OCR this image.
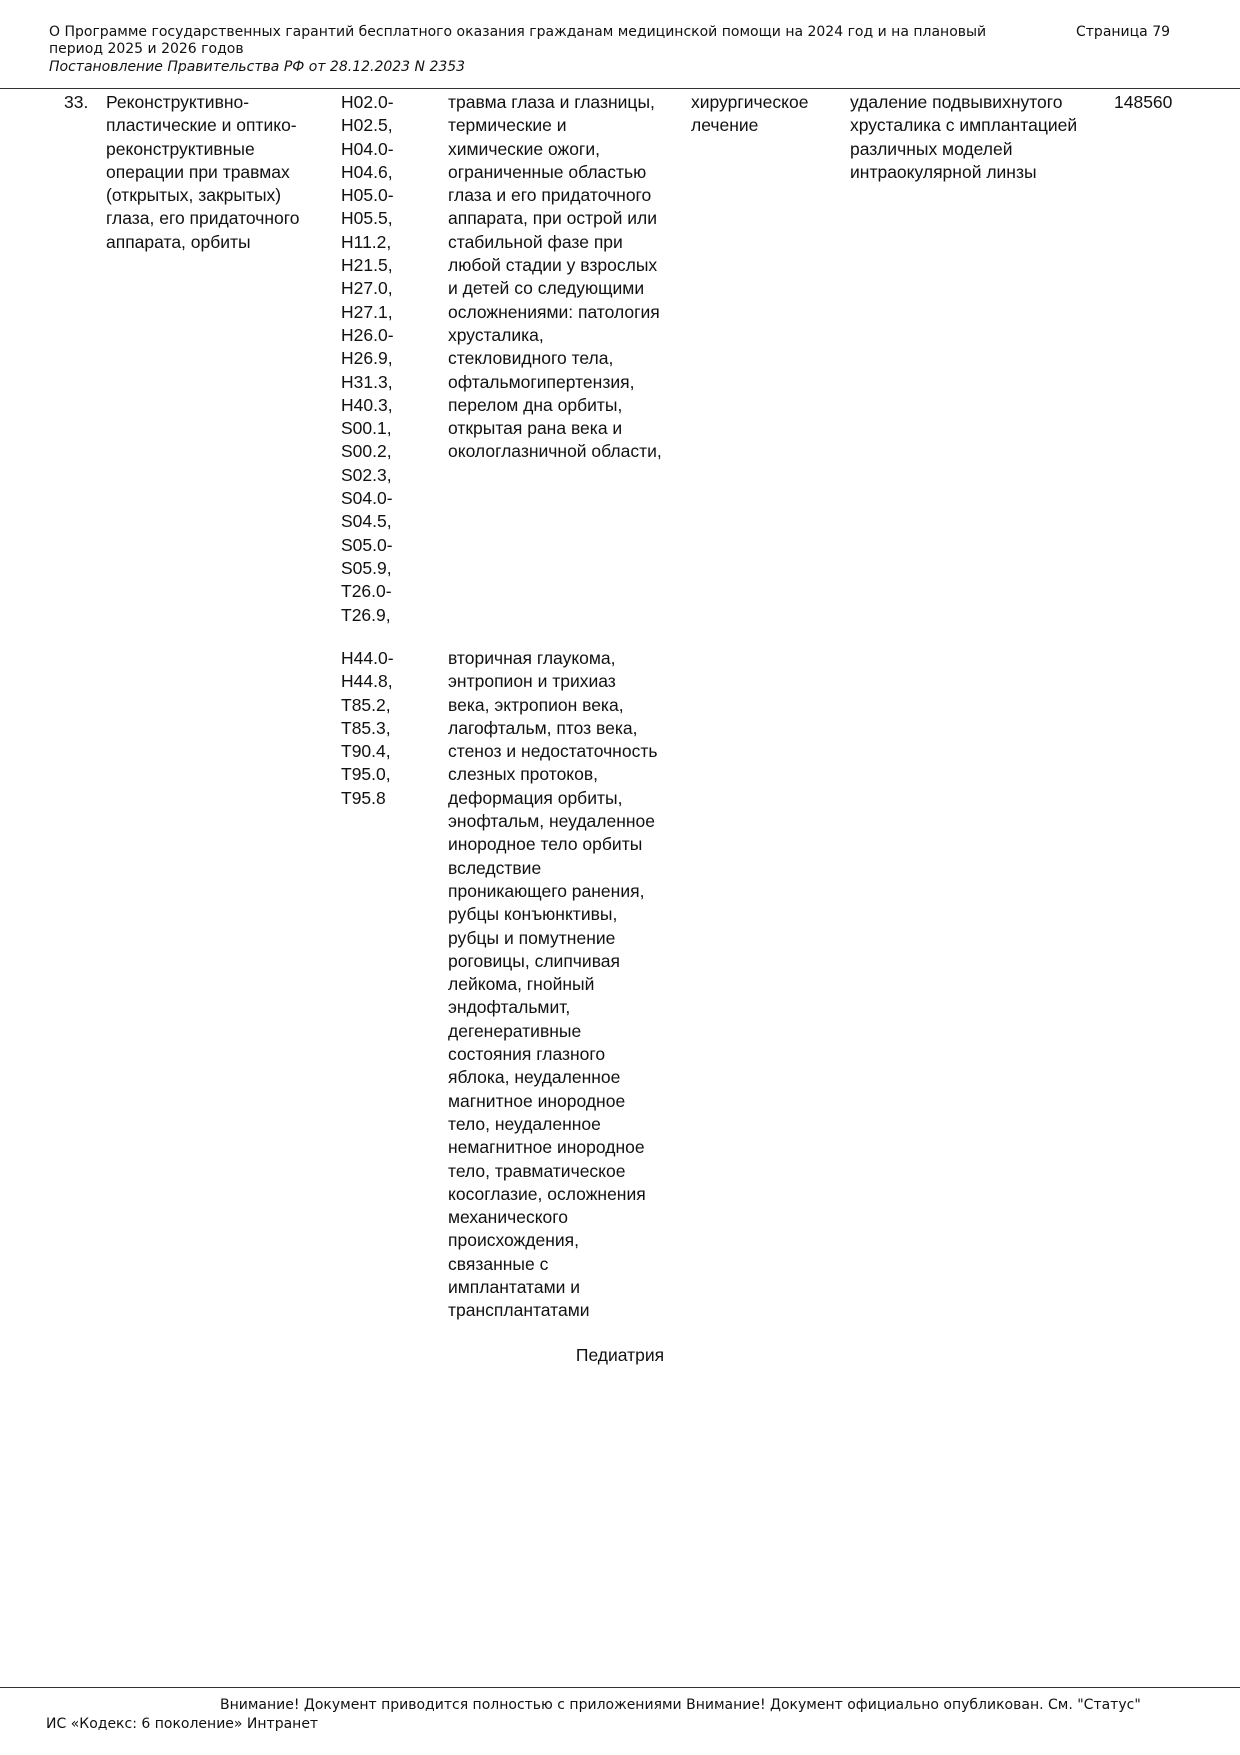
О Программе государственных гарантий бесплатного оказания гражданам медицинской помощи на 2024 год и на плановый период 2025 и 2026 годов
Постановление Правительства РФ от 28.12.2023 N 2353
Страница 79
33. Реконструктивно-
пластические и оптико-
реконструктивные
операции при травмах
(открытых, закрытых)
глаза, его придаточного
аппарата, орбиты
H02.0-
H02.5,
H04.0-
H04.6,
H05.0-
H05.5,
H11.2,
H21.5,
H27.0,
H27.1,
H26.0-
H26.9,
H31.3,
H40.3,
S00.1,
S00.2,
S02.3,
S04.0-
S04.5,
S05.0-
S05.9,
T26.0-
T26.9,
H44.0-
H44.8,
T85.2,
T85.3,
T90.4,
T95.0,
T95.8
травма глаза и глазницы,
термические и
химические ожоги,
ограниченные областью
глаза и его придаточного
аппарата, при острой или
стабильной фазе при
любой стадии у взрослых
и детей со следующими
осложнениями: патология
хрусталика,
стекловидного тела,
офтальмогипертензия,
перелом дна орбиты,
открытая рана века и
окологлазничной области,
вторичная глаукома,
энтропион и трихиаз
века, эктропион века,
лагофтальм, птоз века,
стеноз и недостаточность
слезных протоков,
деформация орбиты,
энофтальм, неудаленное
инородное тело орбиты
вследствие
проникающего ранения,
рубцы конъюнктивы,
рубцы и помутнение
роговицы, слипчивая
лейкома, гнойный
эндофтальмит,
дегенеративные
состояния глазного
яблока, неудаленное
магнитное инородное
тело, неудаленное
немагнитное инородное
тело, травматическое
косоглазие, осложнения
механического
происхождения,
связанные с
имплантатами и
трансплантатами
хирургическое
лечение
удаление подвывихнутого
хрусталика с имплантацией
различных моделей
интраокулярной линзы
148560
Педиатрия
Внимание! Документ приводится полностью с приложениями Внимание! Документ официально опубликован. См. "Статус"
ИС «Кодекс: 6 поколение» Интранет
